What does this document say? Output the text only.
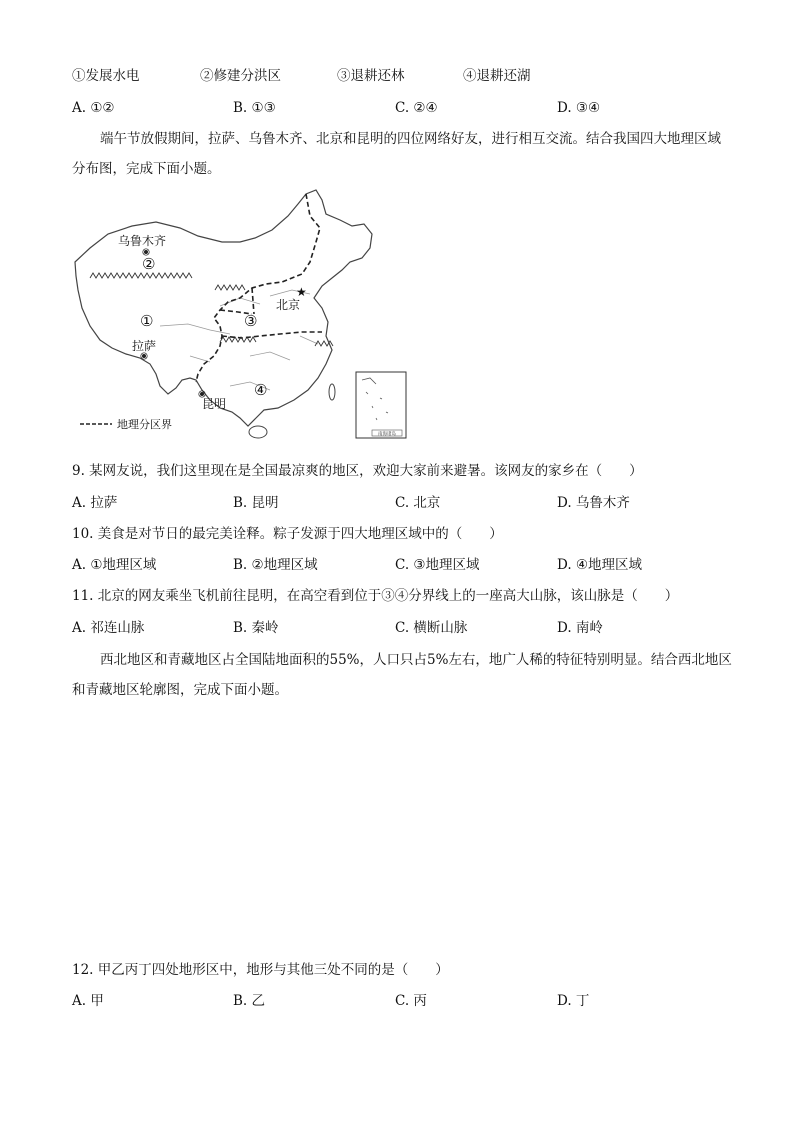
①发展水电	②修建分洪区	③退耕还林	④退耕还湖
A. ①②	B. ①③	C. ②④	D. ③④
端午节放假期间，拉萨、乌鲁木齐、北京和昆明的四位网络好友，进行相互交流。结合我国四大地理区域分布图，完成下面小题。
南海诸岛
乌鲁木齐
★
北京
拉萨
昆明
①
②
③
④
地理分区界
9. 某网友说，我们这里现在是全国最凉爽的地区，欢迎大家前来避暑。该网友的家乡在（　　）
A. 拉萨	B. 昆明	C. 北京	D. 乌鲁木齐
10. 美食是对节日的最完美诠释。粽子发源于四大地理区域中的（　　）
A. ①地理区域	B. ②地理区域	C. ③地理区域	D. ④地理区域
11. 北京的网友乘坐飞机前往昆明，在高空看到位于③④分界线上的一座高大山脉，该山脉是（　　）
A. 祁连山脉	B. 秦岭	C. 横断山脉	D. 南岭
西北地区和青藏地区占全国陆地面积的55%，人口只占5%左右，地广人稀的特征特别明显。结合西北地区和青藏地区轮廓图，完成下面小题。
12. 甲乙丙丁四处地形区中，地形与其他三处不同的是（　　）
A. 甲	B. 乙	C. 丙	D. 丁
